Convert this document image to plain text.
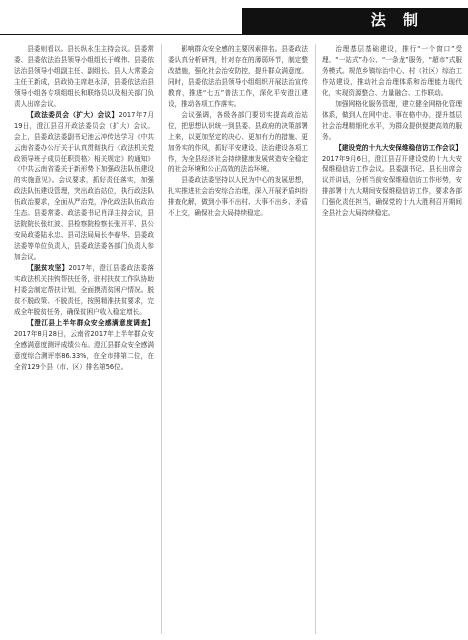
法 制

县委则看以。县长纵永生主持会议。县委常委、县委依法治县领导小组组长于嵘伟、县委依法治县领导小组副主任、副组长、县人大常委会主任王新成，县政协主席赵永泽，县委依法治县领导小组各专项组组长和联络员以及相关部门负责人出席会议。

【政法委员会（扩大）会议】2017年7月19日，澄江县召开政法委员会（扩大）会议。会上，县委政法委副书记池云冲传达学习《中共云南省委办公厅关于认真贯彻执行〈政法机关党政领导班子成员任职资格〉相关规定》的通知》《中共云南省委关于新形势下加强政法队伍建设的实施意见》。会议要求，抓好责任落实，加强政法队伍建设管理，突出政治站位，执行政法队伍政治要求，全面从严治党，净化政法队伍政治生态。县委常委、政法委书记肖泽主持会议，县法院院长张红波、县检察院检察长张开平、县公安局政委陆永忠、县司法局局长李春华、县委政法委等单位负责人，县委政法委各部门负责人参加会议。

【脱贫攻坚】2017年，澄江县委政法委落实政法机关挂钩帮扶任务，驻村扶贫工作队协助村委会制定帮扶计划，全面摸清贫困户情况。脱贫不脱政策、不脱责任，按照精准扶贫要求，完成全年脱贫任务，确保贫困户收入稳定增长。

【澄江县上半年群众安全感满意度调查】2017年8月28日，云南省2017年上半年群众安全感满意度测评成绩公布。澄江县群众安全感满意度综合测评率86.33%，在全市排第二位，在全省129个县（市、区）排名第56位。

影响群众安全感的主要因素排名。县委政法委认真分析研判，针对存在的薄弱环节，制定整改措施，强化社会治安防控，提升群众满意度。同时，县委依法治县领导小组组织开展法治宣传教育，推进“七五”普法工作，深化平安澄江建设，推动各项工作落实。

会议强调，各级各部门要切实提高政治站位，把思想认识统一到县委、县政府的决策部署上来，以更加坚定的决心、更加有力的措施、更加务实的作风，抓好平安建设、法治建设各项工作，为全县经济社会持续健康发展营造安全稳定的社会环境和公正高效的法治环境。

县委政法委坚持以人民为中心的发展思想，扎实推进社会治安综合治理，深入开展矛盾纠纷排查化解，做到小事不出村、大事不出乡、矛盾不上交，确保社会大局持续稳定。

治理基层基础建设，推行“一个窗口”受理、“一站式”办公、“一条龙”服务，“超市”式服务模式。规范乡镇综治中心、村（社区）综治工作站建设，推动社会治理体系和治理能力现代化，实现资源整合、力量融合、工作联动。

加强网格化服务管理，建立健全网格化管理体系，做到人在网中走、事在格中办，提升基层社会治理精细化水平，为群众提供便捷高效的服务。

【建设党的十九大安保维稳信访工作会议】2017年9月6日，澄江县召开建设党的十九大安保维稳信访工作会议。县委副书记、县长出席会议并讲话，分析当前安保维稳信访工作形势，安排部署十九大期间安保维稳信访工作，要求各部门强化责任担当，确保党的十九大胜利召开期间全县社会大局持续稳定。
